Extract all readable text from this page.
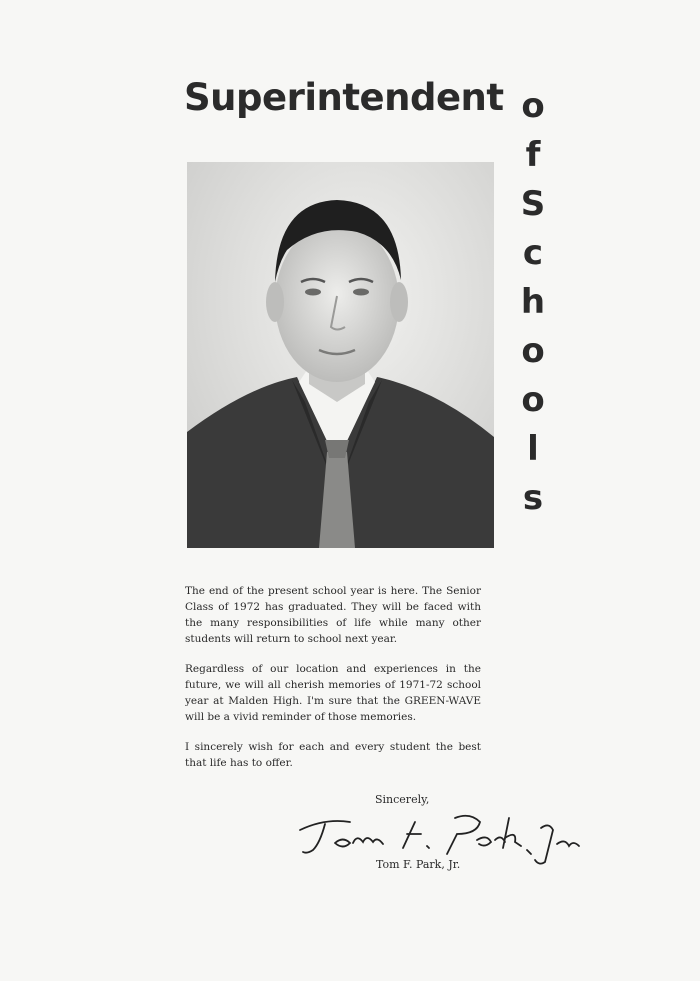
Superintendent o
f
S
c
h
o
o
l
s

The end of the present school year is here. The Senior Class of 1972 has graduated. They will be faced with the many responsibilities of life while many other students will return to school next year.

Regardless of our location and experiences in the future, we will all cherish memories of 1971-72 school year at Malden High. I'm sure that the GREEN-WAVE will be a vivid reminder of those memories.

I sincerely wish for each and every student the best that life has to offer.

Sincerely,
Tom F. Park, Jr.
